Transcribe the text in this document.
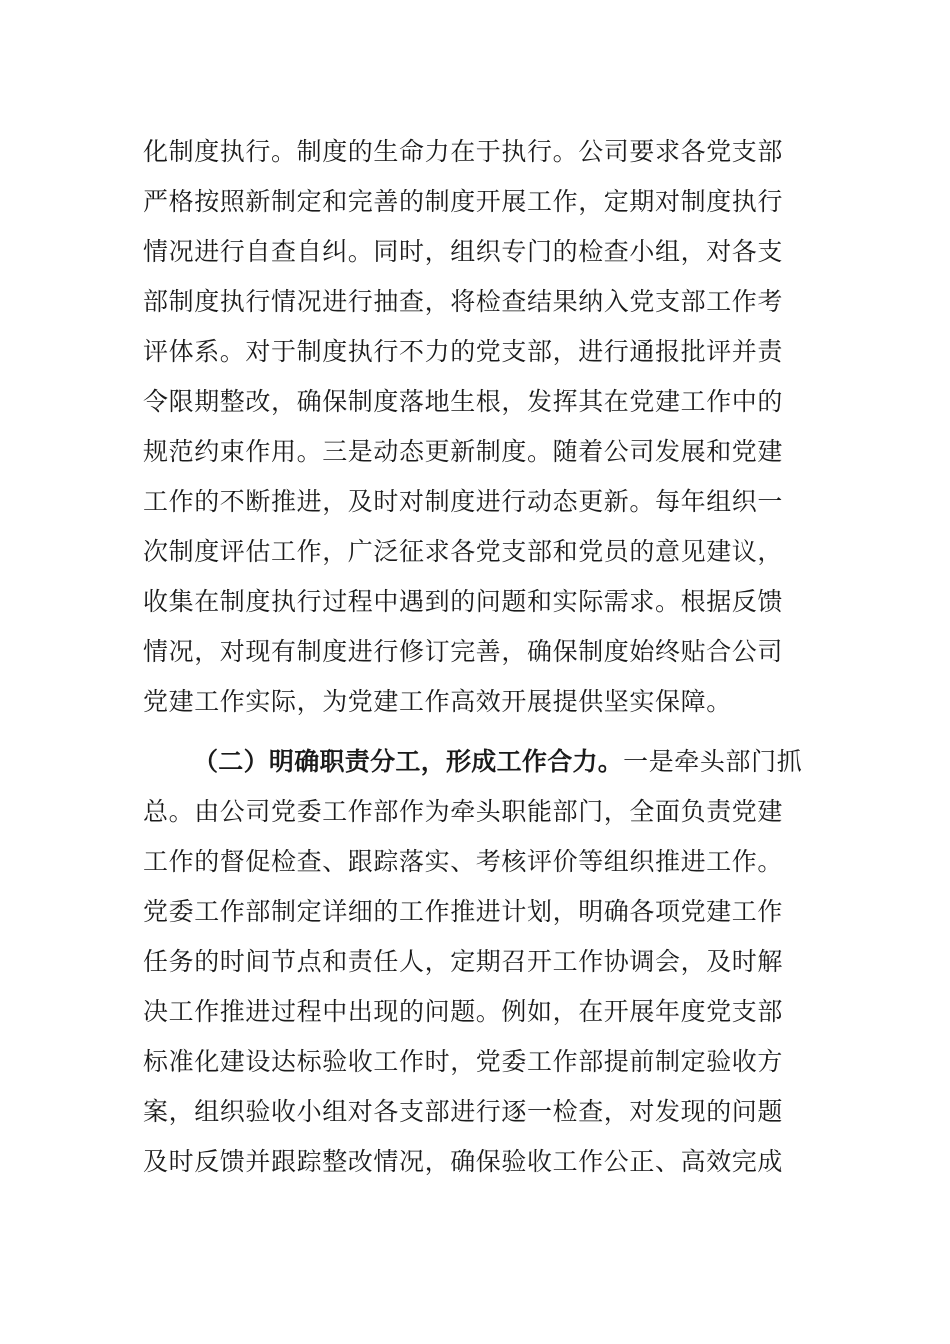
化制度执行。制度的生命力在于执行。公司要求各党支部
严格按照新制定和完善的制度开展工作，定期对制度执行
情况进行自查自纠。同时，组织专门的检查小组，对各支
部制度执行情况进行抽查，将检查结果纳入党支部工作考
评体系。对于制度执行不力的党支部，进行通报批评并责
令限期整改，确保制度落地生根，发挥其在党建工作中的
规范约束作用。三是动态更新制度。随着公司发展和党建
工作的不断推进，及时对制度进行动态更新。每年组织一
次制度评估工作，广泛征求各党支部和党员的意见建议，
收集在制度执行过程中遇到的问题和实际需求。根据反馈
情况，对现有制度进行修订完善，确保制度始终贴合公司
党建工作实际，为党建工作高效开展提供坚实保障。
（二）明确职责分工，形成工作合力。一是牵头部门抓
总。由公司党委工作部作为牵头职能部门，全面负责党建
工作的督促检查、跟踪落实、考核评价等组织推进工作。
党委工作部制定详细的工作推进计划，明确各项党建工作
任务的时间节点和责任人，定期召开工作协调会，及时解
决工作推进过程中出现的问题。例如，在开展年度党支部
标准化建设达标验收工作时，党委工作部提前制定验收方
案，组织验收小组对各支部进行逐一检查，对发现的问题
及时反馈并跟踪整改情况，确保验收工作公正、高效完成
